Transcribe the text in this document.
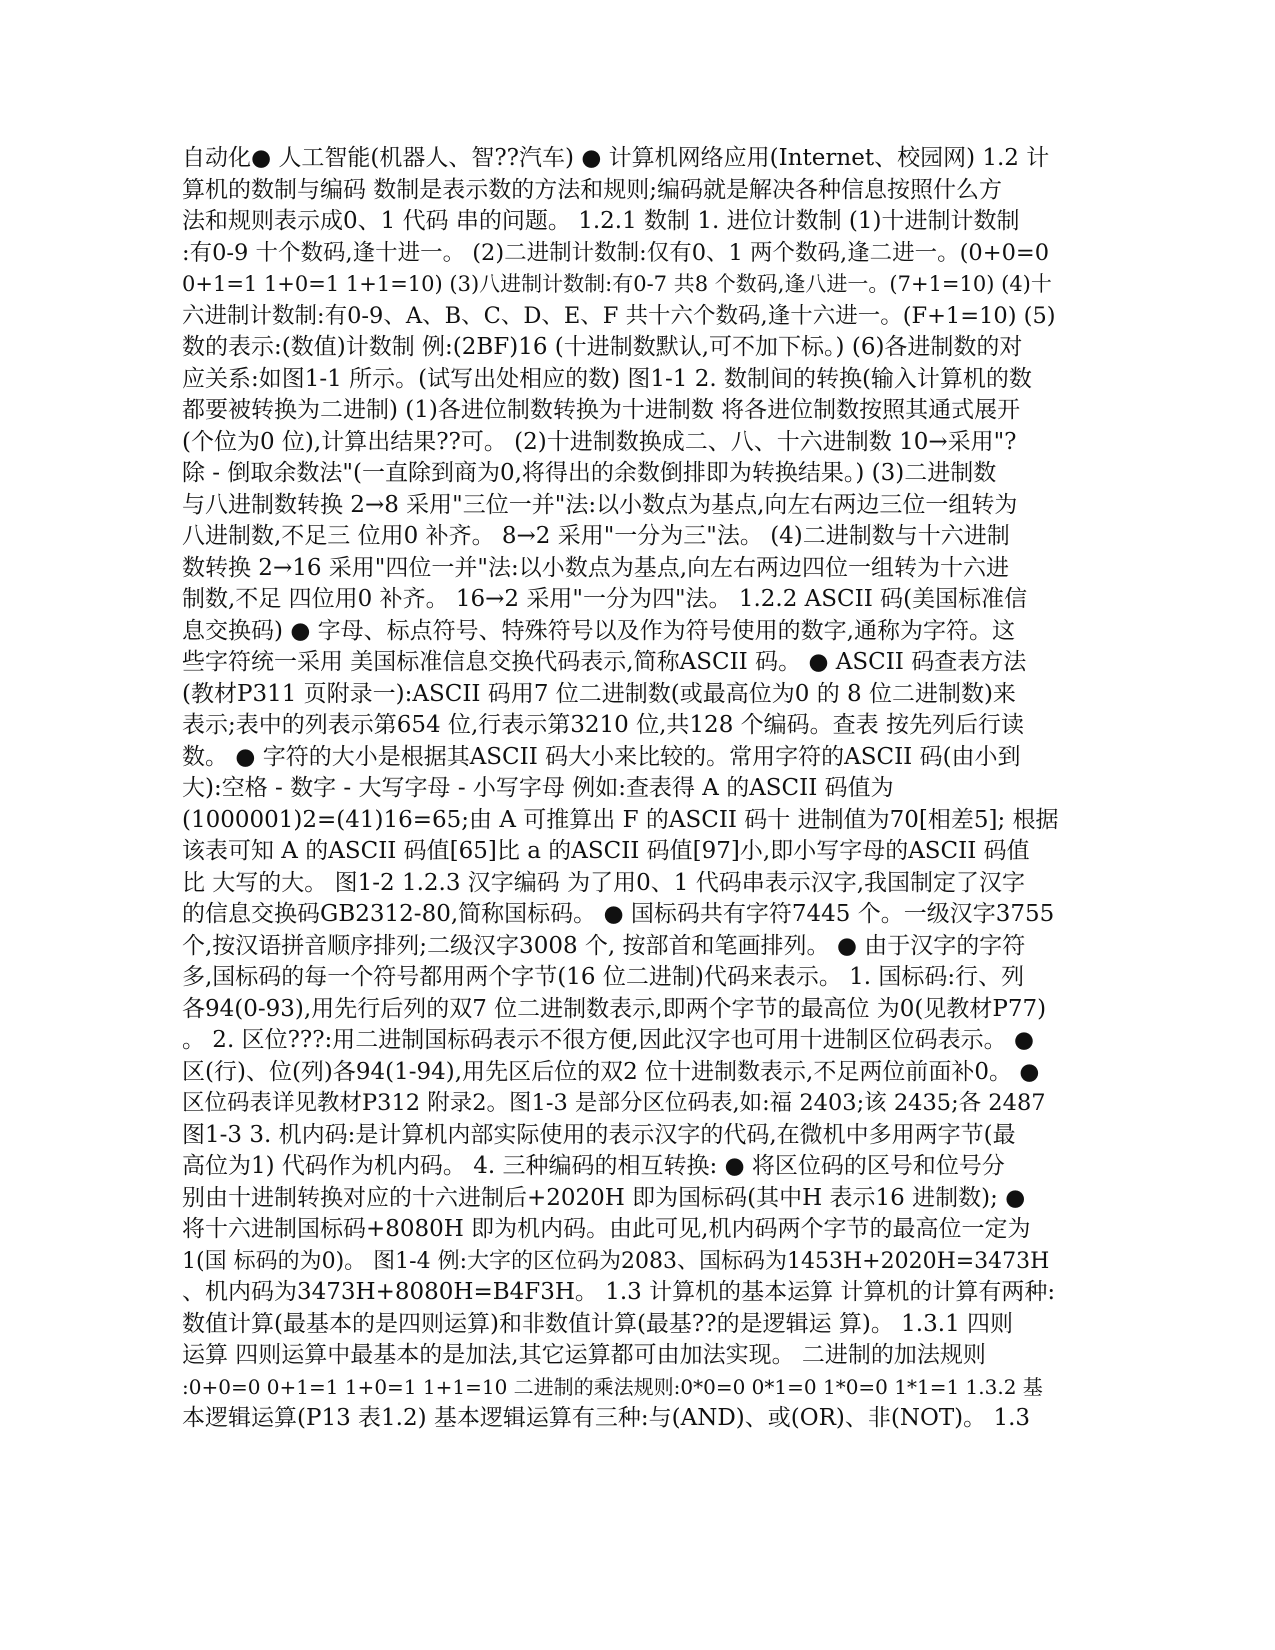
自动化● 人工智能(机器人、智??汽车) ● 计算机网络应用(Internet、校园网) 1.2 计
算机的数制与编码 数制是表示数的方法和规则;编码就是解决各种信息按照什么方
法和规则表示成0、1 代码 串的问题。 1.2.1 数制 1. 进位计数制 (1)十进制计数制
:有0-9 十个数码,逢十进一。 (2)二进制计数制:仅有0、1 两个数码,逢二进一。(0+0=0
0+1=1 1+0=1 1+1=10) (3)八进制计数制:有0-7 共8 个数码,逢八进一。(7+1=10) (4)十
六进制计数制:有0-9、A、B、C、D、E、F 共十六个数码,逢十六进一。(F+1=10) (5)
数的表示:(数值)计数制 例:(2BF)16 (十进制数默认,可不加下标。) (6)各进制数的对
应关系:如图1-1 所示。(试写出处相应的数) 图1-1 2. 数制间的转换(输入计算机的数
都要被转换为二进制) (1)各进位制数转换为十进制数 将各进位制数按照其通式展开
(个位为0 位),计算出结果??可。 (2)十进制数换成二、八、十六进制数 10→采用"?
除 - 倒取余数法"(一直除到商为0,将得出的余数倒排即为转换结果。) (3)二进制数
与八进制数转换 2→8 采用"三位一并"法:以小数点为基点,向左右两边三位一组转为
八进制数,不足三 位用0 补齐。 8→2 采用"一分为三"法。 (4)二进制数与十六进制
数转换 2→16 采用"四位一并"法:以小数点为基点,向左右两边四位一组转为十六进
制数,不足 四位用0 补齐。 16→2 采用"一分为四"法。 1.2.2 ASCII 码(美国标准信
息交换码) ● 字母、标点符号、特殊符号以及作为符号使用的数字,通称为字符。这
些字符统一采用 美国标准信息交换代码表示,简称ASCII 码。 ● ASCII 码查表方法
(教材P311 页附录一):ASCII 码用7 位二进制数(或最高位为0 的 8 位二进制数)来
表示;表中的列表示第654 位,行表示第3210 位,共128 个编码。查表 按先列后行读
数。 ● 字符的大小是根据其ASCII 码大小来比较的。常用字符的ASCII 码(由小到
大):空格 - 数字 - 大写字母 - 小写字母 例如:查表得 A 的ASCII 码值为
(1000001)2=(41)16=65;由 A 可推算出 F 的ASCII 码十 进制值为70[相差5]; 根据
该表可知 A 的ASCII 码值[65]比 a 的ASCII 码值[97]小,即小写字母的ASCII 码值
比 大写的大。 图1-2 1.2.3 汉字编码 为了用0、1 代码串表示汉字,我国制定了汉字
的信息交换码GB2312-80,简称国标码。 ● 国标码共有字符7445 个。一级汉字3755
个,按汉语拼音顺序排列;二级汉字3008 个, 按部首和笔画排列。 ● 由于汉字的字符
多,国标码的每一个符号都用两个字节(16 位二进制)代码来表示。 1. 国标码:行、列
各94(0-93),用先行后列的双7 位二进制数表示,即两个字节的最高位 为0(见教材P77)
。 2. 区位???:用二进制国标码表示不很方便,因此汉字也可用十进制区位码表示。 ●
区(行)、位(列)各94(1-94),用先区后位的双2 位十进制数表示,不足两位前面补0。 ●
区位码表详见教材P312 附录2。图1-3 是部分区位码表,如:福 2403;该 2435;各 2487
图1-3 3. 机内码:是计算机内部实际使用的表示汉字的代码,在微机中多用两字节(最
高位为1) 代码作为机内码。 4. 三种编码的相互转换: ● 将区位码的区号和位号分
别由十进制转换对应的十六进制后+2020H 即为国标码(其中H 表示16 进制数); ●
将十六进制国标码+8080H 即为机内码。由此可见,机内码两个字节的最高位一定为
1(国 标码的为0)。 图1-4 例:大字的区位码为2083、国标码为1453H+2020H=3473H
、机内码为3473H+8080H=B4F3H。 1.3 计算机的基本运算 计算机的计算有两种:
数值计算(最基本的是四则运算)和非数值计算(最基??的是逻辑运 算)。 1.3.1 四则
运算 四则运算中最基本的是加法,其它运算都可由加法实现。 二进制的加法规则
:0+0=0 0+1=1 1+0=1 1+1=10 二进制的乘法规则:0*0=0 0*1=0 1*0=0 1*1=1 1.3.2 基
本逻辑运算(P13 表1.2) 基本逻辑运算有三种:与(AND)、或(OR)、非(NOT)。 1.3
